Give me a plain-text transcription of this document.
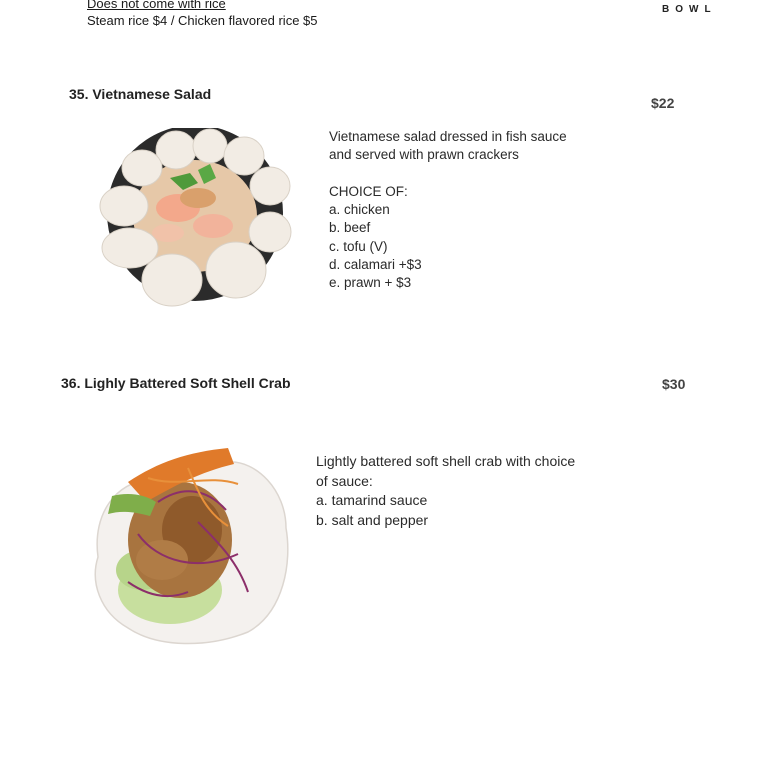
Does not come with rice
Steam rice $4 / Chicken flavored rice $5
BOWL
35. Vietnamese Salad
$22
Vietnamese salad dressed in fish sauce
and served with prawn crackers
CHOICE OF:
a. chicken
b. beef
c. tofu (V)
d. calamari +$3
e. prawn + $3
36. Lighly Battered Soft Shell Crab	$30
Lightly battered soft shell crab with choice
of sauce:
a. tamarind sauce
b. salt and pepper
